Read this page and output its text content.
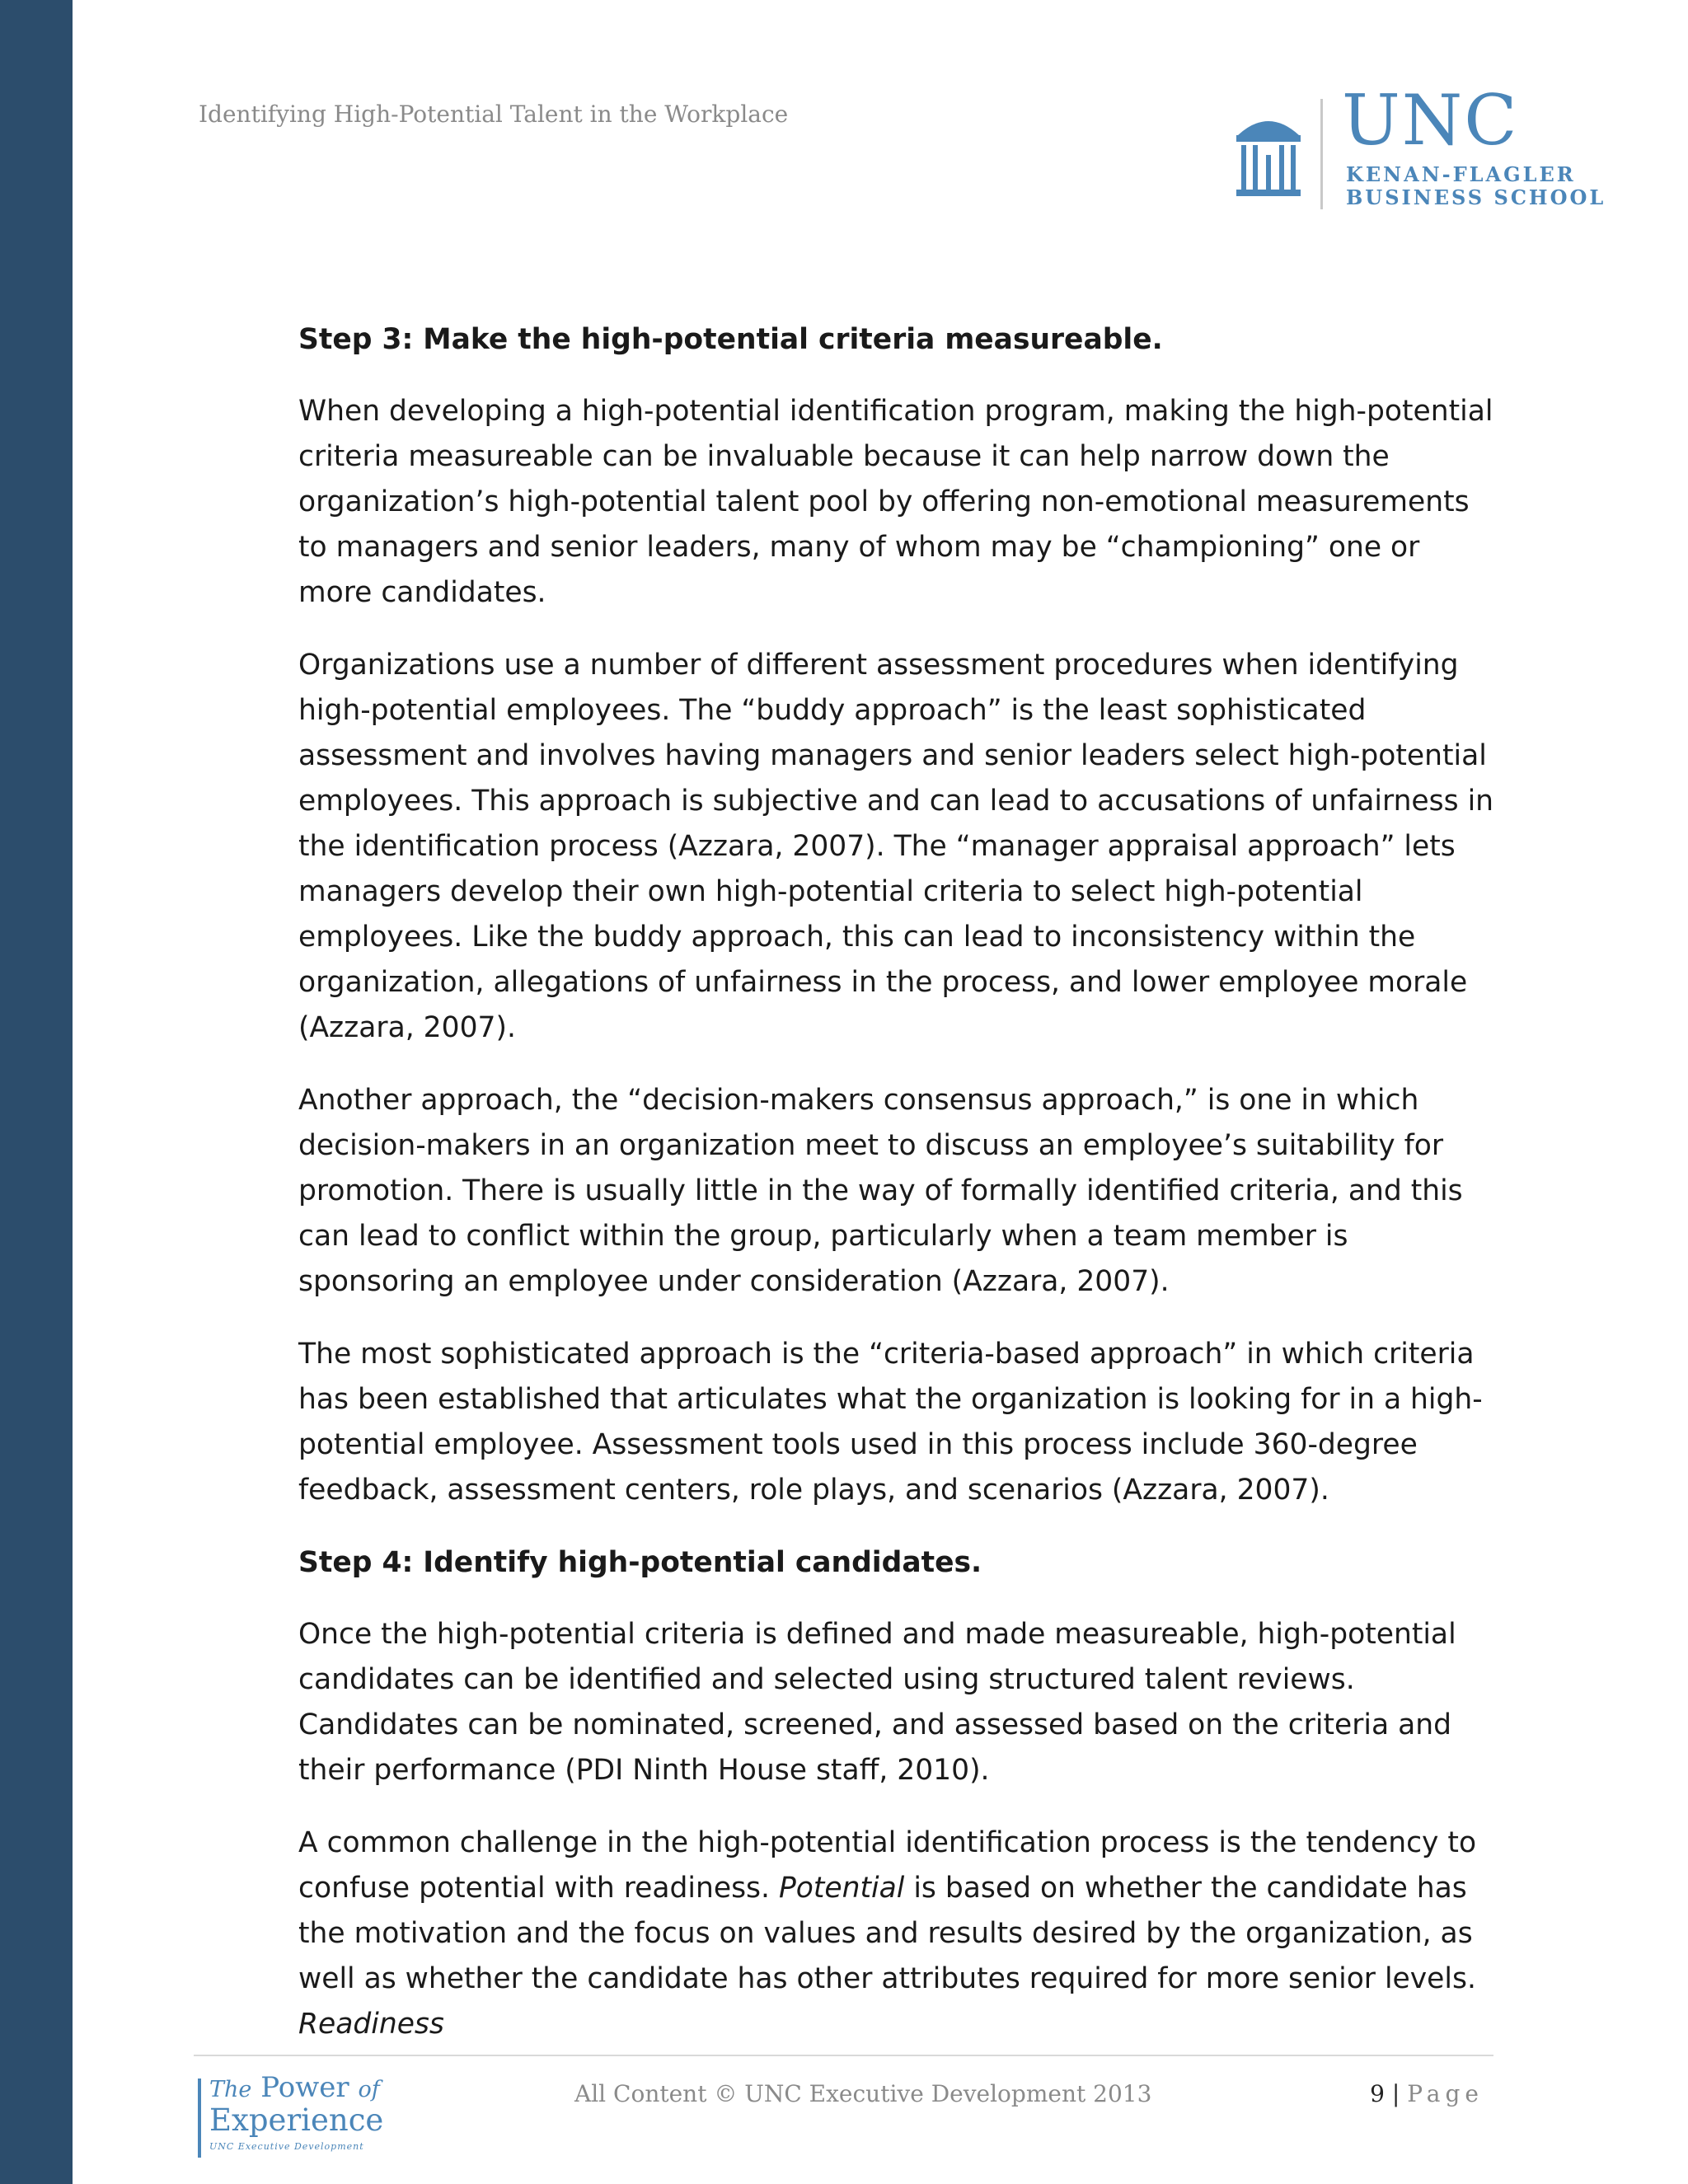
Identifying High-Potential Talent in the Workplace	UNC
KENAN-FLAGLER
BUSINESS SCHOOL
Step 3: Make the high-potential criteria measureable.

When developing a high-potential identification program, making the high-potential criteria measureable can be invaluable because it can help narrow down the organization’s high-potential talent pool by offering non-emotional measurements to managers and senior leaders, many of whom may be “championing” one or more candidates.

Organizations use a number of different assessment procedures when identifying high-potential employees. The “buddy approach” is the least sophisticated assessment and involves having managers and senior leaders select high-potential employees. This approach is subjective and can lead to accusations of unfairness in the identification process (Azzara, 2007). The “manager appraisal approach” lets managers develop their own high-potential criteria to select high-potential employees. Like the buddy approach, this can lead to inconsistency within the organization, allegations of unfairness in the process, and lower employee morale (Azzara, 2007).

Another approach, the “decision-makers consensus approach,” is one in which decision-makers in an organization meet to discuss an employee’s suitability for promotion. There is usually little in the way of formally identified criteria, and this can lead to conflict within the group, particularly when a team member is sponsoring an employee under consideration (Azzara, 2007).

The most sophisticated approach is the “criteria-based approach” in which criteria has been established that articulates what the organization is looking for in a high-potential employee. Assessment tools used in this process include 360-degree feedback, assessment centers, role plays, and scenarios (Azzara, 2007).

Step 4: Identify high-potential candidates.

Once the high-potential criteria is defined and made measureable, high-potential candidates can be identified and selected using structured talent reviews. Candidates can be nominated, screened, and assessed based on the criteria and their performance (PDI Ninth House staff, 2010).

A common challenge in the high-potential identification process is the tendency to confuse potential with readiness. Potential is based on whether the candidate has the motivation and the focus on values and results desired by the organization, as well as whether the candidate has other attributes required for more senior levels. Readiness

The Power of
Experience
UNC Executive Development
All Content © UNC Executive Development 2013	9 | Page
